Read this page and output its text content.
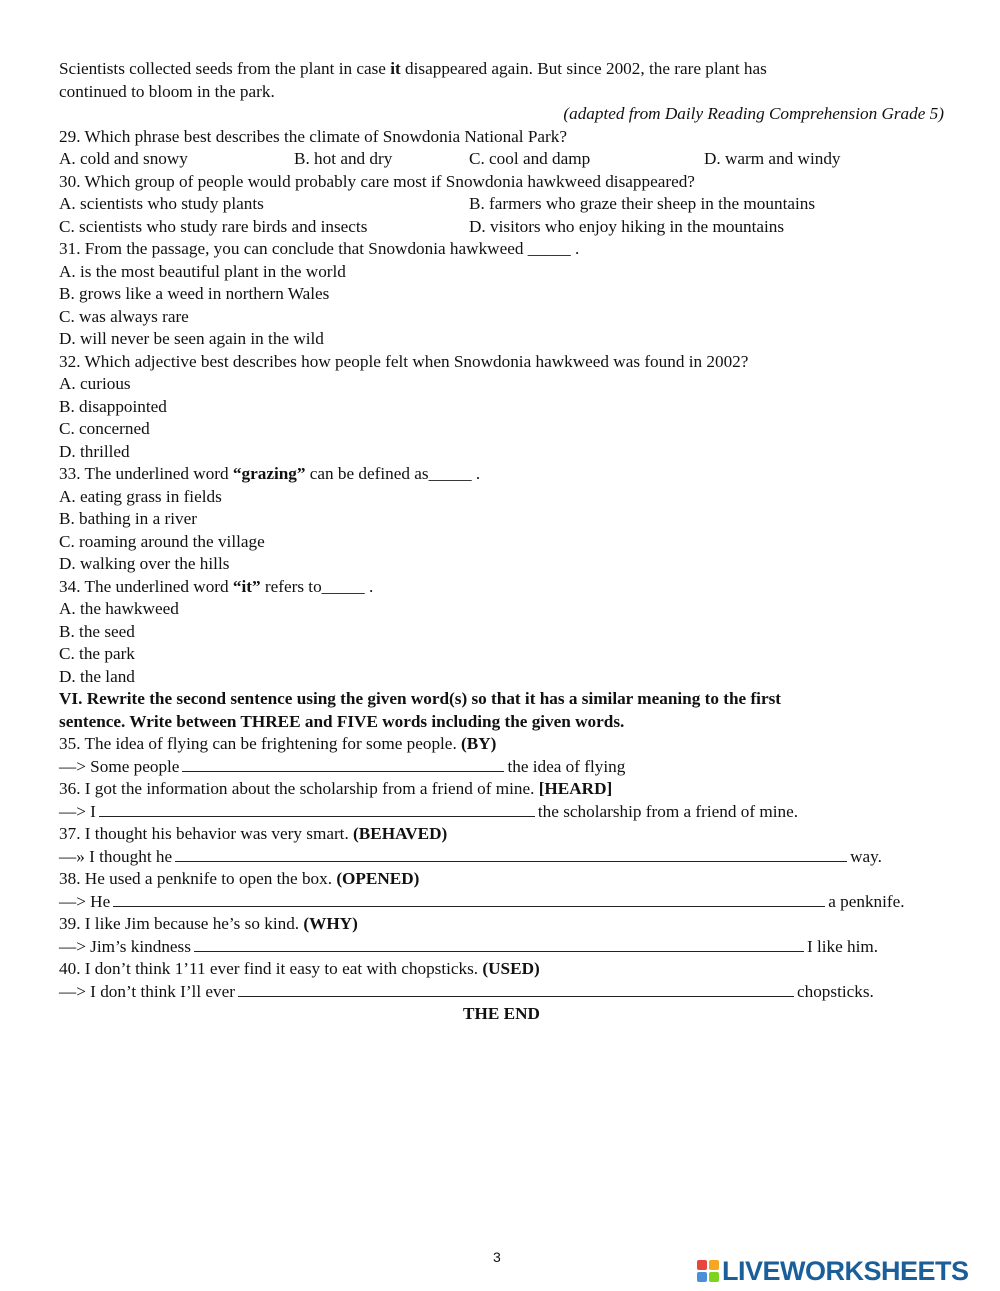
Scientists collected seeds from the plant in case it disappeared again. But since 2002, the rare plant has
continued to bloom in the park.
(adapted from Daily Reading Comprehension Grade 5)
29. Which phrase best describes the climate of Snowdonia National Park?
A. cold and snowy	B. hot and dry	C. cool and damp	D. warm and windy
30. Which group of people would probably care most if Snowdonia hawkweed disappeared?
A. scientists who study plants	B. farmers who graze their sheep in the mountains
C. scientists who study rare birds and insects	D. visitors who enjoy hiking in the mountains
31. From the passage, you can conclude that Snowdonia hawkweed _____ .
A. is the most beautiful plant in the world
B. grows like a weed in northern Wales
C. was always rare
D. will never be seen again in the wild
32. Which adjective best describes how people felt when Snowdonia hawkweed was found in 2002?
A. curious
B. disappointed
C. concerned
D. thrilled
33. The underlined word “grazing” can be defined as_____ .
A. eating grass in fields
B. bathing in a river
C. roaming around the village
D. walking over the hills
34. The underlined word “it” refers to_____ .
A. the hawkweed
B. the seed
C. the park
D. the land
VI. Rewrite the second sentence using the given word(s) so that it has a similar meaning to the first
sentence. Write between THREE and FIVE words including the given words.
35. The idea of flying can be frightening for some people. (BY)
—> Some people	the idea of flying
36. I got the information about the scholarship from a friend of mine. [HEARD]
—> I	the scholarship from a friend of mine.
37. I thought his behavior was very smart. (BEHAVED)
—» I thought he	way.
38. He used a penknife to open the box. (OPENED)
—> He	a penknife.
39. I like Jim because he’s so kind. (WHY)
—> Jim’s kindness	I like him.
40. I don’t think 1’11 ever find it easy to eat with chopsticks. (USED)
—> I don’t think I’ll ever	chopsticks.
THE END
3	LIVEWORKSHEETS
